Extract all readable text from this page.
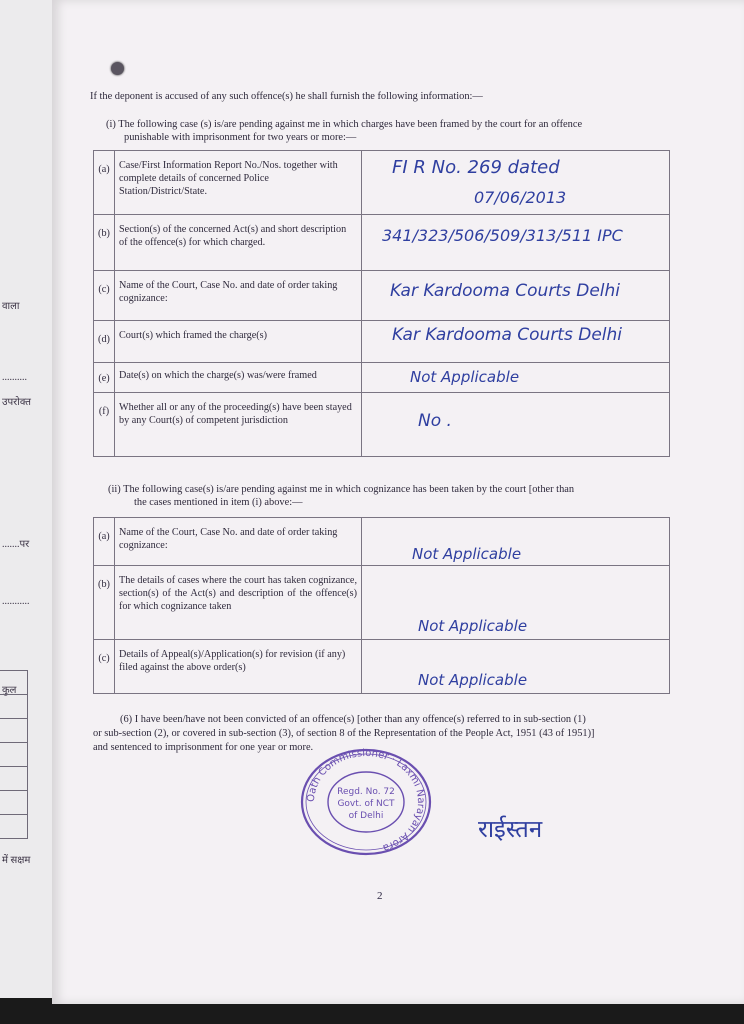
वाला
..........
उपरोक्त
.......पर
...........
कुल
में सक्षम
If the deponent is accused of any such offence(s) he shall furnish the following information:—
(i) The following case (s) is/are pending against me in which charges have been framed by the court for an offence
punishable with imprisonment for two years or more:—
(a)	Case/First Information Report No./Nos. together with complete details of concerned Police Station/District/State.	FI R No. 269 dated
07/06/2013

(b)	Section(s) of the concerned Act(s) and short description of the offence(s) for which charged.	341/323/506/509/313/511 IPC

(c)	Name of the Court, Case No. and date of order taking cognizance:	Kar Kardooma Courts Delhi

(d)	Court(s) which framed the charge(s)	Kar Kardooma Courts Delhi

(e)	Date(s) on which the charge(s) was/were framed	Not Applicable

(f)	Whether all or any of the proceeding(s) have been stayed by any Court(s) of competent jurisdiction	No .
(ii) The following case(s) is/are pending against me in which cognizance has been taken by the court [other than
the cases mentioned in item (i) above:—
(a)	Name of the Court, Case No. and date of order taking cognizance:	Not Applicable

(b)	The details of cases where the court has taken cognizance, section(s) of the Act(s) and description of the offence(s) for which cognizance taken	Not Applicable

(c)	Details of Appeal(s)/Application(s) for revision (if any) filed against the above order(s)	Not Applicable
(6) I have been/have not been convicted of an offence(s) [other than any offence(s) referred to in sub-section (1)
or sub-section (2), or covered in sub-section (3), of section 8 of the Representation of the People Act, 1951 (43 of 1951)]
and sentenced to imprisonment for one year or more.
Oath Commissioner · Laxmi Narayan Arora
Regd. No. 72
Govt. of NCT
of Delhi	राईस्तन
2
